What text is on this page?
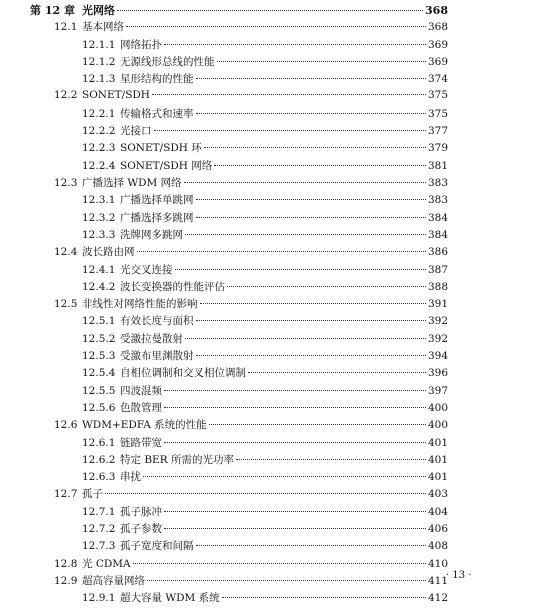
第 12 章 光网络	368
12.1 基本网络	368
12.1.1 网络拓扑	369
12.1.2 无源线形总线的性能	369
12.1.3 星形结构的性能	374
12.2 SONET/SDH	375
12.2.1 传输格式和速率	375
12.2.2 光接口	377
12.2.3 SONET/SDH 环	379
12.2.4 SONET/SDH 网络	381
12.3 广播选择 WDM 网络	383
12.3.1 广播选择单跳网	383
12.3.2 广播选择多跳网	384
12.3.3 洗牌网多跳网	384
12.4 波长路由网	386
12.4.1 光交叉连接	387
12.4.2 波长变换器的性能评估	388
12.5 非线性对网络性能的影响	391
12.5.1 有效长度与面积	392
12.5.2 受激拉曼散射	392
12.5.3 受激布里渊散射	394
12.5.4 自相位调制和交叉相位调制	396
12.5.5 四波混频	397
12.5.6 色散管理	400
12.6 WDM+EDFA 系统的性能	400
12.6.1 链路带宽	401
12.6.2 特定 BER 所需的光功率	401
12.6.3 串扰	401
12.7 孤子	403
12.7.1 孤子脉冲	404
12.7.2 孤子参数	406
12.7.3 孤子宽度和间隔	408
12.8 光 CDMA	410
12.9 超高容量网络	411
12.9.1 超大容量 WDM 系统	412
· 13 ·
